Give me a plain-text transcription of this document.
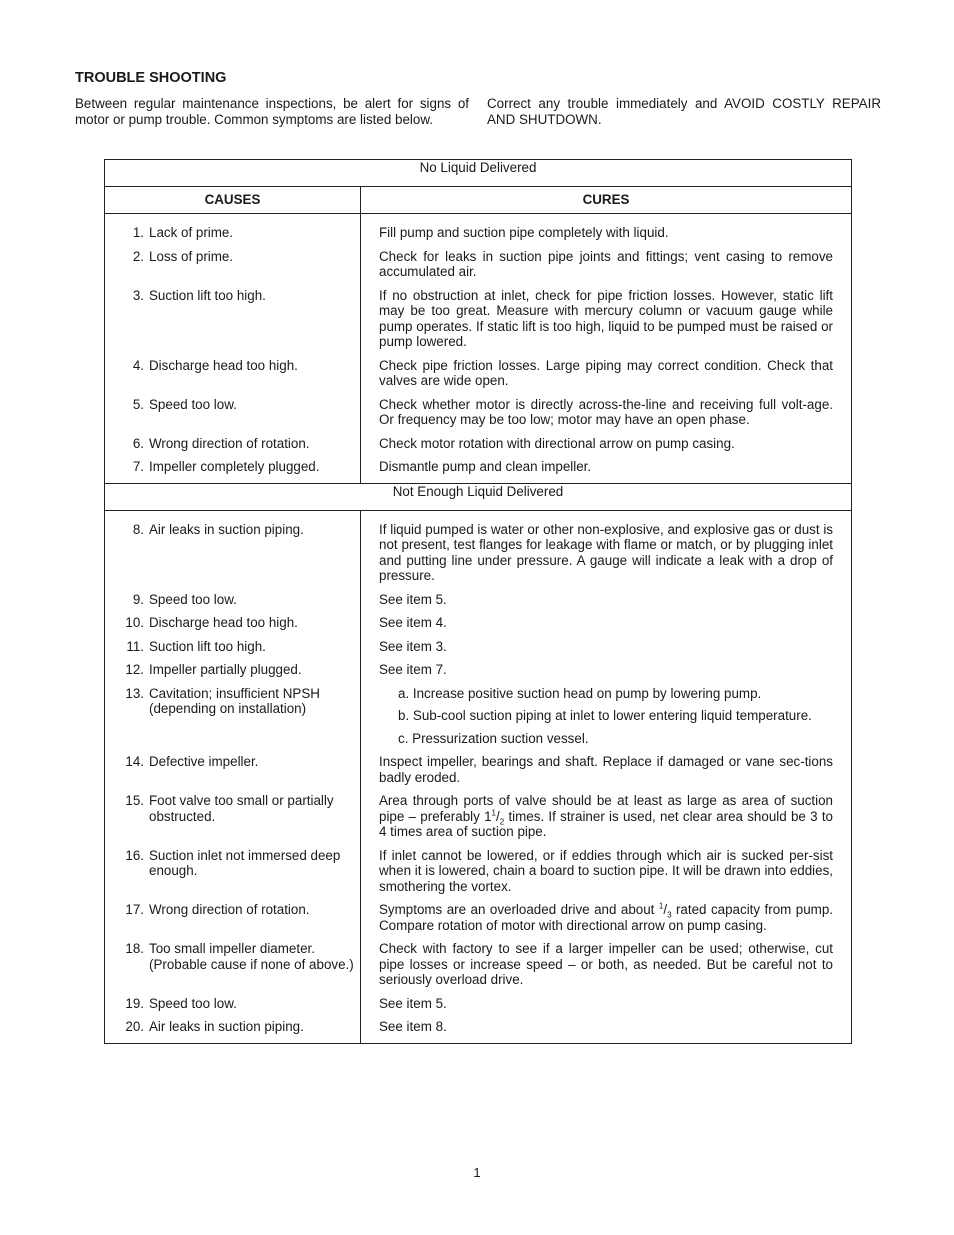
TROUBLE SHOOTING

Between regular maintenance inspections, be alert for signs of motor or pump trouble. Common symptoms are listed below.

Correct any trouble immediately and AVOID COSTLY REPAIR AND SHUTDOWN.

No Liquid Delivered	
CAUSES	CURES

1. Lack of prime.	Fill pump and suction pipe completely with liquid.

2. Loss of prime.	Check for leaks in suction pipe joints and fittings; vent casing to remove accumulated air.

3. Suction lift too high.	If no obstruction at inlet, check for pipe friction losses. However, static lift may be too great. Measure with mercury column or vacuum gauge while pump operates. If static lift is too high, liquid to be pumped must be raised or pump lowered.

4. Discharge head too high.	Check pipe friction losses. Large piping may correct condition. Check that valves are wide open.

5. Speed too low.	Check whether motor is directly across-the-line and receiving full volt-age. Or frequency may be too low; motor may have an open phase.

6. Wrong direction of rotation.	Check motor rotation with directional arrow on pump casing.

7. Impeller completely plugged.	Dismantle pump and clean impeller.

Not Enough Liquid Delivered	

8. Air leaks in suction piping.	If liquid pumped is water or other non-explosive, and explosive gas or dust is not present, test flanges for leakage with flame or match, or by plugging inlet and putting line under pressure. A gauge will indicate a leak with a drop of pressure.

9. Speed too low.	See item 5.

10. Discharge head too high.	See item 4.

11. Suction lift too high.	See item 3.

12. Impeller partially plugged.	See item 7.

13. Cavitation; insufficient NPSH (depending on installation)	a. Increase positive suction head on pump by lowering pump.
b. Sub-cool suction piping at inlet to lower entering liquid temperature.
c. Pressurization suction vessel.

14. Defective impeller.	Inspect impeller, bearings and shaft. Replace if damaged or vane sec-tions badly eroded.

15. Foot valve too small or partially obstructed.	Area through ports of valve should be at least as large as area of suction pipe – preferably $1^1/_2$ times. If strainer is used, net clear area should be 3 to 4 times area of suction pipe.

16. Suction inlet not immersed deep enough.	If inlet cannot be lowered, or if eddies through which air is sucked per-sist when it is lowered, chain a board to suction pipe. It will be drawn into eddies, smothering the vortex.

17. Wrong direction of rotation.	Symptoms are an overloaded drive and about $^1/_3$ rated capacity from pump. Compare rotation of motor with directional arrow on pump casing.

18. Too small impeller diameter. (Probable cause if none of above.)	Check with factory to see if a larger impeller can be used; otherwise, cut pipe losses or increase speed – or both, as needed. But be careful not to seriously overload drive.

19. Speed too low.	See item 5.

20. Air leaks in suction piping.	See item 8.
1
